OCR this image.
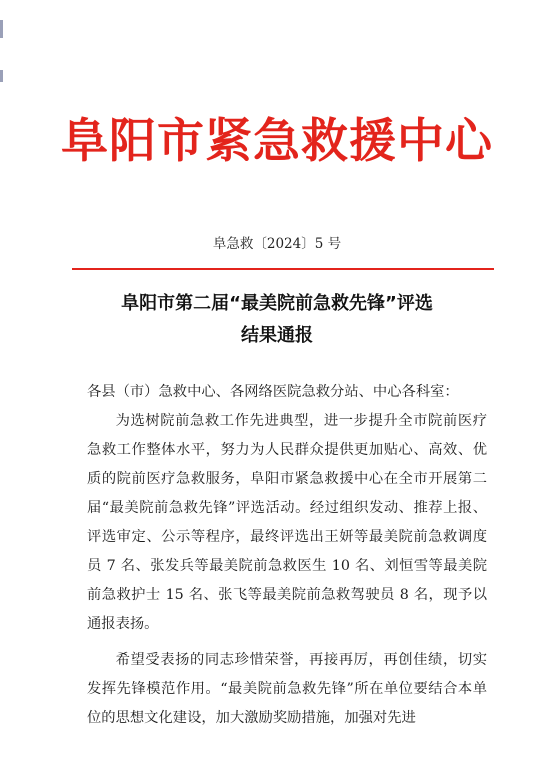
阜阳市紧急救援中心
阜急救〔2024〕5 号
阜阳市第二届“最美院前急救先锋”评选
结果通报

各县（市）急救中心、各网络医院急救分站、中心各科室：

为选树院前急救工作先进典型，进一步提升全市院前医疗急救工作整体水平，努力为人民群众提供更加贴心、高效、优质的院前医疗急救服务，阜阳市紧急救援中心在全市开展第二届“最美院前急救先锋”评选活动。经过组织发动、推荐上报、评选审定、公示等程序，最终评选出王妍等最美院前急救调度员 7 名、张发兵等最美院前急救医生 10 名、刘恒雪等最美院前急救护士 15 名、张飞等最美院前急救驾驶员 8 名，现予以通报表扬。

希望受表扬的同志珍惜荣誉，再接再厉，再创佳绩，切实发挥先锋模范作用。“最美院前急救先锋”所在单位要结合本单位的思想文化建设，加大激励奖励措施，加强对先进
